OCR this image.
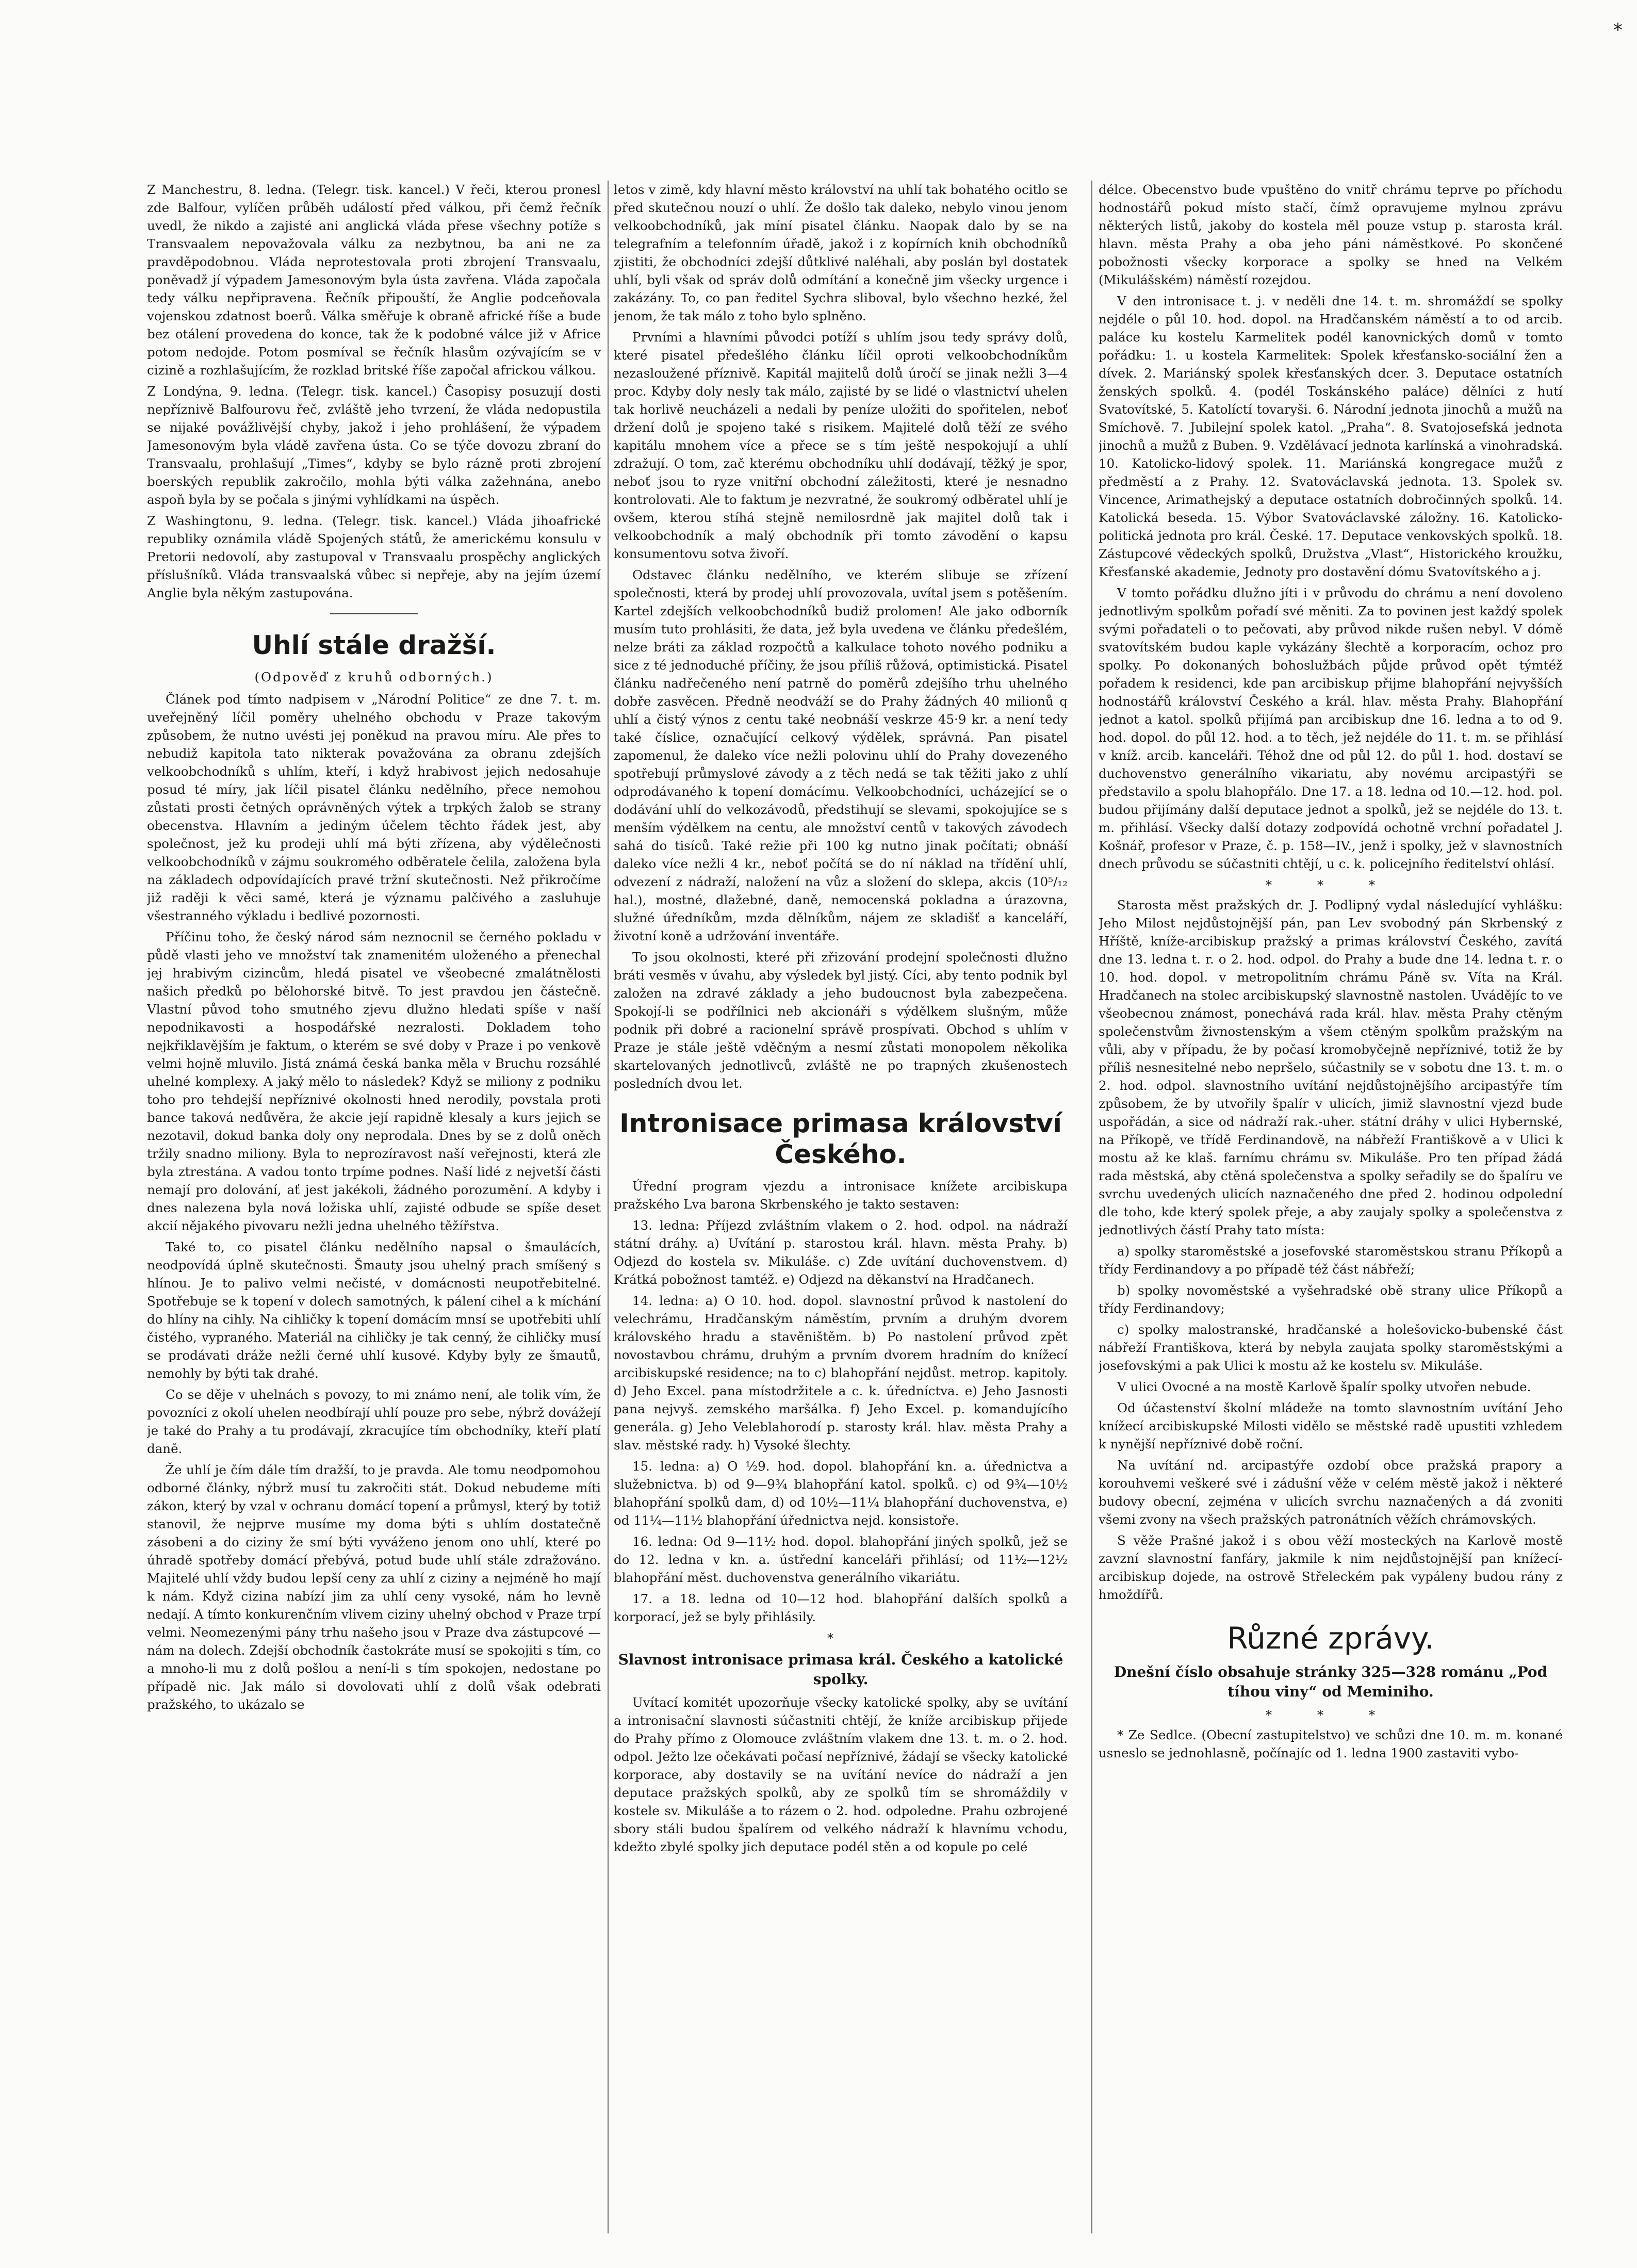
*

Z Manchestru, 8. ledna. (Telegr. tisk. kancel.) V řeči, kterou pronesl zde Balfour, vylíčen průběh událostí před válkou, při čemž řečník uvedl, že nikdo a zajisté ani anglická vláda přese všechny potíže s Transvaalem nepovažovala válku za nezbytnou, ba ani ne za pravděpodobnou. Vláda neprotestovala proti zbrojení Transvaalu, poněvadž jí výpadem Jamesonovým byla ústa zavřena. Vláda započala tedy válku nepřipravena. Řečník připouští, že Anglie podceňovala vojenskou zdatnost boerů. Válka směřuje k obraně africké říše a bude bez otálení provedena do konce, tak že k podobné válce již v Africe potom nedojde. Potom posmíval se řečník hlasům ozývajícím se v cizině a rozhlašujícím, že rozklad britské říše započal africkou válkou.

Z Londýna, 9. ledna. (Telegr. tisk. kancel.) Časopisy posuzují dosti nepříznivě Balfourovu řeč, zvláště jeho tvrzení, že vláda nedopustila se nijaké povážlivější chyby, jakož i jeho prohlášení, že výpadem Jamesonovým byla vládě zavřena ústa. Co se týče dovozu zbraní do Transvaalu, prohlašují „Times“, kdyby se bylo rázně proti zbrojení boerských republik zakročilo, mohla býti válka zažehnána, anebo aspoň byla by se počala s jinými vyhlídkami na úspěch.

Z Washingtonu, 9. ledna. (Telegr. tisk. kancel.) Vláda jihoafrické republiky oznámila vládě Spojených států, že americkému konsulu v Pretorii nedovolí, aby zastupoval v Transvaalu prospěchy anglických příslušníků. Vláda transvaalská vůbec si nepřeje, aby na jejím území Anglie byla někým zastupována.

Uhlí stále dražší.
(Odpověď z kruhů odborných.)

Článek pod tímto nadpisem v „Národní Politice“ ze dne 7. t. m. uveřejněný líčil poměry uhelného obchodu v Praze takovým způsobem, že nutno uvésti jej poněkud na pravou míru. Ale přes to nebudiž kapitola tato nikterak považována za obranu zdejších velkoobchodníků s uhlím, kteří, i když hrabivost jejich nedosahuje posud té míry, jak líčil pisatel článku nedělního, přece nemohou zůstati prosti četných oprávněných výtek a trpkých žalob se strany obecenstva. Hlavním a jediným účelem těchto řádek jest, aby společnost, jež ku prodeji uhlí má býti zřízena, aby výdělečnosti velkoobchodníků v zájmu soukromého odběratele čelila, založena byla na základech odpovídajících pravé tržní skutečnosti. Než přikročíme již raději k věci samé, která je významu palčivého a zasluhuje všestranného výkladu i bedlivé pozornosti.

Příčinu toho, že český národ sám neznocnil se černého pokladu v půdě vlasti jeho ve množství tak znamenitém uloženého a přenechal jej hrabivým cizincům, hledá pisatel ve všeobecné zmalátnělosti našich předků po bělohorské bitvě. To jest pravdou jen částečně. Vlastní původ toho smutného zjevu dlužno hledati spíše v naší nepodnikavosti a hospodářské nezralosti. Dokladem toho nejkřiklavějším je faktum, o kterém se své doby v Praze i po venkově velmi hojně mluvilo. Jistá známá česká banka měla v Bruchu rozsáhlé uhelné komplexy. A jaký mělo to následek? Když se miliony z podniku toho pro tehdejší nepříznivé okolnosti hned nerodily, povstala proti bance taková nedůvěra, že akcie její rapidně klesaly a kurs jejich se nezotavil, dokud banka doly ony neprodala. Dnes by se z dolů oněch tržily snadno miliony. Byla to neprozíravost naší veřejnosti, která zle byla ztrestána. A vadou tonto trpíme podnes. Naší lidé z nejvetší části nemají pro dolování, ať jest jakékoli, žádného porozumění. A kdyby i dnes nalezena byla nová ložiska uhlí, zajisté odbude se spíše deset akcií nějakého pivovaru nežli jedna uhelného těžířstva.

Také to, co pisatel článku nedělního napsal o šmaulácích, neodpovídá úplně skutečnosti. Šmauty jsou uhelný prach smíšený s hlínou. Je to palivo velmi nečisté, v domácnosti neupotřebitelné. Spotřebuje se k topení v dolech samotných, k pálení cihel a k míchání do hlíny na cihly. Na cihličky k topení domácím mnsí se upotřebiti uhlí čistého, vypraného. Materiál na cihličky je tak cenný, že cihličky musí se prodávati dráže nežli černé uhlí kusové. Kdyby byly ze šmautů, nemohly by býti tak drahé.

Co se děje v uhelnách s povozy, to mi známo není, ale tolik vím, že povozníci z okolí uhelen neodbírají uhlí pouze pro sebe, nýbrž dovážejí je také do Prahy a tu prodávají, zkracujíce tím obchodníky, kteří platí daně.

Že uhlí je čím dále tím dražší, to je pravda. Ale tomu neodpomohou odborné články, nýbrž musí tu zakročiti stát. Dokud nebudeme míti zákon, který by vzal v ochranu domácí topení a průmysl, který by totiž stanovil, že nejprve musíme my doma býti s uhlím dostatečně zásobeni a do ciziny že smí býti vyváženo jenom ono uhlí, které po úhradě spotřeby domácí přebývá, potud bude uhlí stále zdražováno. Majitelé uhlí vždy budou lepší ceny za uhlí z ciziny a nejméně ho mají k nám. Když cizina nabízí jim za uhlí ceny vysoké, nám ho levně nedají. A tímto konkurenčním vlivem ciziny uhelný obchod v Praze trpí velmi. Neomezenými pány trhu našeho jsou v Praze dva zástupcové — nám na dolech. Zdejší obchodník častokráte musí se spokojiti s tím, co a mnoho-li mu z dolů pošlou a není-li s tím spokojen, nedostane po případě nic. Jak málo si dovolovati uhlí z dolů však odebrati pražského, to ukázalo se

letos v zimě, kdy hlavní město království na uhlí tak bohatého ocitlo se před skutečnou nouzí o uhlí. Že došlo tak daleko, nebylo vinou jenom velkoobchodníků, jak míní pisatel článku. Naopak dalo by se na telegrafním a telefonním úřadě, jakož i z kopírních knih obchodníků zjistiti, že obchodníci zdejší důtklivé naléhali, aby poslán byl dostatek uhlí, byli však od správ dolů odmítání a konečně jim všecky urgence i zakázány. To, co pan ředitel Sychra sliboval, bylo všechno hezké, žel jenom, že tak málo z toho bylo splněno.

Prvními a hlavními původci potíží s uhlím jsou tedy správy dolů, které pisatel předešlého článku líčil oproti velkoobchodníkům nezasloužené příznivě. Kapitál majitelů dolů úročí se jinak nežli 3—4 proc. Kdyby doly nesly tak málo, zajisté by se lidé o vlastnictví uhelen tak horlivě neucházeli a nedali by peníze uložiti do spořitelen, neboť držení dolů je spojeno také s risikem. Majitelé dolů těží ze svého kapitálu mnohem více a přece se s tím ještě nespokojují a uhlí zdražují. O tom, zač kterému obchodníku uhlí dodávají, těžký je spor, neboť jsou to ryze vnitřní obchodní záležitosti, které je nesnadno kontrolovati. Ale to faktum je nezvratné, že soukromý odběratel uhlí je ovšem, kterou stíhá stejně nemilosrdně jak majitel dolů tak i velkoobchodník a malý obchodník při tomto závodění o kapsu konsumentovu sotva živoří.

Odstavec článku nedělního, ve kterém slibuje se zřízení společnosti, která by prodej uhlí provozovala, uvítal jsem s potěšením. Kartel zdejších velkoobchodníků budiž prolomen! Ale jako odborník musím tuto prohlásiti, že data, jež byla uvedena ve článku předešlém, nelze bráti za základ rozpočtů a kalkulace tohoto nového podniku a sice z té jednoduché příčiny, že jsou příliš růžová, optimistická. Pisatel článku nadřečeného není patrně do poměrů zdejšího trhu uhelného dobře zasvěcen. Předně neodváží se do Prahy žádných 40 milionů q uhlí a čistý výnos z centu také neobnáší veskrze 45·9 kr. a není tedy také číslice, označující celkový výdělek, správná. Pan pisatel zapomenul, že daleko více nežli polovinu uhlí do Prahy dovezeného spotřebují průmyslové závody a z těch nedá se tak těžiti jako z uhlí odprodávaného k topení domácímu. Velkoobchodníci, ucházející se o dodávání uhlí do velkozávodů, předstihují se slevami, spokojujíce se s menším výdělkem na centu, ale množství centů v takových závodech sahá do tisíců. Také režie při 100 kg nutno jinak počítati; obnáší daleko více nežli 4 kr., neboť počítá se do ní náklad na třídění uhlí, odvezení z nádraží, naložení na vůz a složení do sklepa, akcis (10⁵/₁₂ hal.), mostné, dlažebné, daně, nemocenská pokladna a úrazovna, služné úředníkům, mzda dělníkům, nájem ze skladišť a kanceláří, životní koně a udržování inventáře.

To jsou okolnosti, které při zřizování prodejní společnosti dlužno bráti vesměs v úvahu, aby výsledek byl jistý. Cíci, aby tento podnik byl založen na zdravé základy a jeho budoucnost byla zabezpečena. Spokojí-li se podřílnici neb akcionáři s výdělkem slušným, může podnik při dobré a racionelní správě prospívati. Obchod s uhlím v Praze je stále ještě vděčným a nesmí zůstati monopolem několika skartelovaných jednotlivců, zvláště ne po trapných zkušenostech posledních dvou let.

Intronisace primasa království Českého.

Úřední program vjezdu a intronisace knížete arcibiskupa pražského Lva barona Skrbenského je takto sestaven:

13. ledna: Příjezd zvláštním vlakem o 2. hod. odpol. na nádraží státní dráhy. a) Uvítání p. starostou král. hlavn. města Prahy. b) Odjezd do kostela sv. Mikuláše. c) Zde uvítání duchovenstvem. d) Krátká pobožnost tamtéž. e) Odjezd na děkanství na Hradčanech.

14. ledna: a) O 10. hod. dopol. slavnostní průvod k nastolení do velechrámu, Hradčanským náměstím, prvním a druhým dvorem královského hradu a stavěništěm. b) Po nastolení průvod zpět novostavbou chrámu, druhým a prvním dvorem hradním do knížecí arcibiskupské residence; na to c) blahopřání nejdůst. metrop. kapitoly. d) Jeho Excel. pana místodržitele a c. k. úředníctva. e) Jeho Jasnosti pana nejvyš. zemského maršálka. f) Jeho Excel. p. komandujícího generála. g) Jeho Veleblahorodí p. starosty král. hlav. města Prahy a slav. městské rady. h) Vysoké šlechty.

15. ledna: a) O ½9. hod. dopol. blahopřání kn. a. úřednictva a služebnictva. b) od 9—9¾ blahopřání katol. spolků. c) od 9¾—10½ blahopřání spolků dam, d) od 10½—11¼ blahopřání duchovenstva, e) od 11¼—11½ blahopřání úřednictva nejd. konsistoře.

16. ledna: Od 9—11½ hod. dopol. blahopřání jiných spolků, jež se do 12. ledna v kn. a. ústřední kanceláři přihlásí; od 11½—12½ blahopřání měst. duchovenstva generálního vikariátu.

17. a 18. ledna od 10—12 hod. blahopřání dalších spolků a korporací, jež se byly přihlásily.

*
Slavnost intronisace primasa král. Českého a katolické spolky.

Uvítací komitét upozorňuje všecky katolické spolky, aby se uvítání a intronisační slavnosti súčastniti chtějí, že kníže arcibiskup přijede do Prahy přímo z Olomouce zvláštním vlakem dne 13. t. m. o 2. hod. odpol. Ježto lze očekávati počasí nepříznivé, žádají se všecky katolické korporace, aby dostavily se na uvítání nevíce do nádraží a jen deputace pražských spolků, aby ze spolků tím se shromáždily v kostele sv. Mikuláše a to rázem o 2. hod. odpoledne. Prahu ozbrojené sbory stáli budou špalírem od velkého nádraží k hlavnímu vchodu, kdežto zbylé spolky jich deputace podél stěn a od kopule po celé

délce. Obecenstvo bude vpuštěno do vnitř chrámu teprve po příchodu hodnostářů pokud místo stačí, čímž opravujeme mylnou zprávu některých listů, jakoby do kostela měl pouze vstup p. starosta král. hlavn. města Prahy a oba jeho páni náměstkové. Po skončené pobožnosti všecky korporace a spolky se hned na Velkém (Mikulášském) náměstí rozejdou.

V den intronisace t. j. v neděli dne 14. t. m. shromáždí se spolky nejdéle o půl 10. hod. dopol. na Hradčanském náměstí a to od arcib. paláce ku kostelu Karmelitek podél kanovnických domů v tomto pořádku: 1. u kostela Karmelitek: Spolek křesťansko-sociální žen a dívek. 2. Mariánský spolek křesťanských dcer. 3. Deputace ostatních ženských spolků. 4. (podél Toskánského paláce) dělníci z hutí Svatovítské, 5. Katolíctí tovaryši. 6. Národní jednota jinochů a mužů na Smíchově. 7. Jubilejní spolek katol. „Praha“. 8. Svatojosefská jednota jinochů a mužů z Buben. 9. Vzdělávací jednota karlínská a vinohradská. 10. Katolicko-lidový spolek. 11. Mariánská kongregace mužů z předměstí a z Prahy. 12. Svatováclavská jednota. 13. Spolek sv. Vincence, Arimathejský a deputace ostatních dobročinných spolků. 14. Katolická beseda. 15. Výbor Svatováclavské záložny. 16. Katolicko-politická jednota pro král. České. 17. Deputace venkovských spolků. 18. Zástupcové vědeckých spolků, Družstva „Vlast“, Historického kroužku, Křesťanské akademie, Jednoty pro dostavění dómu Svatovítského a j.

V tomto pořádku dlužno jíti i v průvodu do chrámu a není dovoleno jednotlivým spolkům pořadí své měniti. Za to povinen jest každý spolek svými pořadateli o to pečovati, aby průvod nikde rušen nebyl. V dómě svatovítském budou kaple vykázány šlechtě a korporacím, ochoz pro spolky. Po dokonaných bohoslužbách půjde průvod opět týmtéž pořadem k residenci, kde pan arcibiskup přijme blahopřání nejvyšších hodnostářů království Českého a král. hlav. města Prahy. Blahopřání jednot a katol. spolků přijímá pan arcibiskup dne 16. ledna a to od 9. hod. dopol. do půl 12. hod. a to těch, jež nejdéle do 11. t. m. se přihlásí v kníž. arcib. kanceláři. Téhož dne od půl 12. do půl 1. hod. dostaví se duchovenstvo generálního vikariatu, aby novému arcipastýři se představilo a spolu blahopřálo. Dne 17. a 18. ledna od 10.—12. hod. pol. budou přijímány další deputace jednot a spolků, jež se nejdéle do 13. t. m. přihlásí. Všecky další dotazy zodpovídá ochotně vrchní pořadatel J. Košnář, profesor v Praze, č. p. 158—IV., jenž i spolky, jež v slavnostních dnech průvodu se súčastniti chtějí, u c. k. policejního ředitelství ohlásí.

* * *

Starosta měst pražských dr. J. Podlipný vydal následující vyhlášku: Jeho Milost nejdůstojnější pán, pan Lev svobodný pán Skrbenský z Hříště, kníže-arcibiskup pražský a primas království Českého, zavítá dne 13. ledna t. r. o 2. hod. odpol. do Prahy a bude dne 14. ledna t. r. o 10. hod. dopol. v metropolitním chrámu Páně sv. Víta na Král. Hradčanech na stolec arcibiskupský slavnostně nastolen. Uvádějíc to ve všeobecnou známost, ponechává rada král. hlav. města Prahy ctěným společenstvům živnostenským a všem ctěným spolkům pražským na vůli, aby v případu, že by počasí kromobyčejně nepříznivé, totiž že by příliš nesnesitelné nebo nepršelo, súčastnily se v sobotu dne 13. t. m. o 2. hod. odpol. slavnostního uvítání nejdůstojnějšího arcipastýře tím způsobem, že by utvořily špalír v ulicích, jimiž slavnostní vjezd bude uspořádán, a sice od nádraží rak.-uher. státní dráhy v ulici Hybernské, na Příkopě, ve třídě Ferdinandově, na nábřeží Františkově a v Ulici k mostu až ke klaš. farnímu chrámu sv. Mikuláše. Pro ten případ žádá rada městská, aby ctěná společenstva a spolky seřadily se do špalíru ve svrchu uvedených ulicích naznačeného dne před 2. hodinou odpolední dle toho, kde který spolek přeje, a aby zaujaly spolky a společenstva z jednotlivých částí Prahy tato místa:

a) spolky staroměstské a josefovské staroměstskou stranu Příkopů a třídy Ferdinandovy a po případě též část nábřeží;

b) spolky novoměstské a vyšehradské obě strany ulice Příkopů a třídy Ferdinandovy;

c) spolky malostranské, hradčanské a holešovicko-bubenské část nábřeží Františkova, která by nebyla zaujata spolky staroměstskými a josefovskými a pak Ulici k mostu až ke kostelu sv. Mikuláše.

V ulici Ovocné a na mostě Karlově špalír spolky utvořen nebude.

Od účastenství školní mládeže na tomto slavnostním uvítání Jeho knížecí arcibiskupské Milosti vidělo se městské radě upustiti vzhledem k nynější nepříznivé době roční.

Na uvítání nd. arcipastýře ozdobí obce pražská prapory a korouhvemi veškeré své i zádušní věže v celém městě jakož i některé budovy obecní, zejména v ulicích svrchu naznačených a dá zvoniti všemi zvony na všech pražských patronátních věžích chrámovských.

S věže Prašné jakož i s obou věží mosteckých na Karlově mostě zavzní slavnostní fanfáry, jakmile k nim nejdůstojnější pan knížecí-arcibiskup dojede, na ostrově Střeleckém pak vypáleny budou rány z hmoždířů.

Různé zprávy.
Dnešní číslo obsahuje stránky 325—328 románu „Pod tíhou viny“ od Meminiho.
* * *

* Ze Sedlce. (Obecní zastupitelstvo) ve schůzi dne 10. m. m. konané usneslo se jednohlasně, počínajíc od 1. ledna 1900 zastaviti vybo-
